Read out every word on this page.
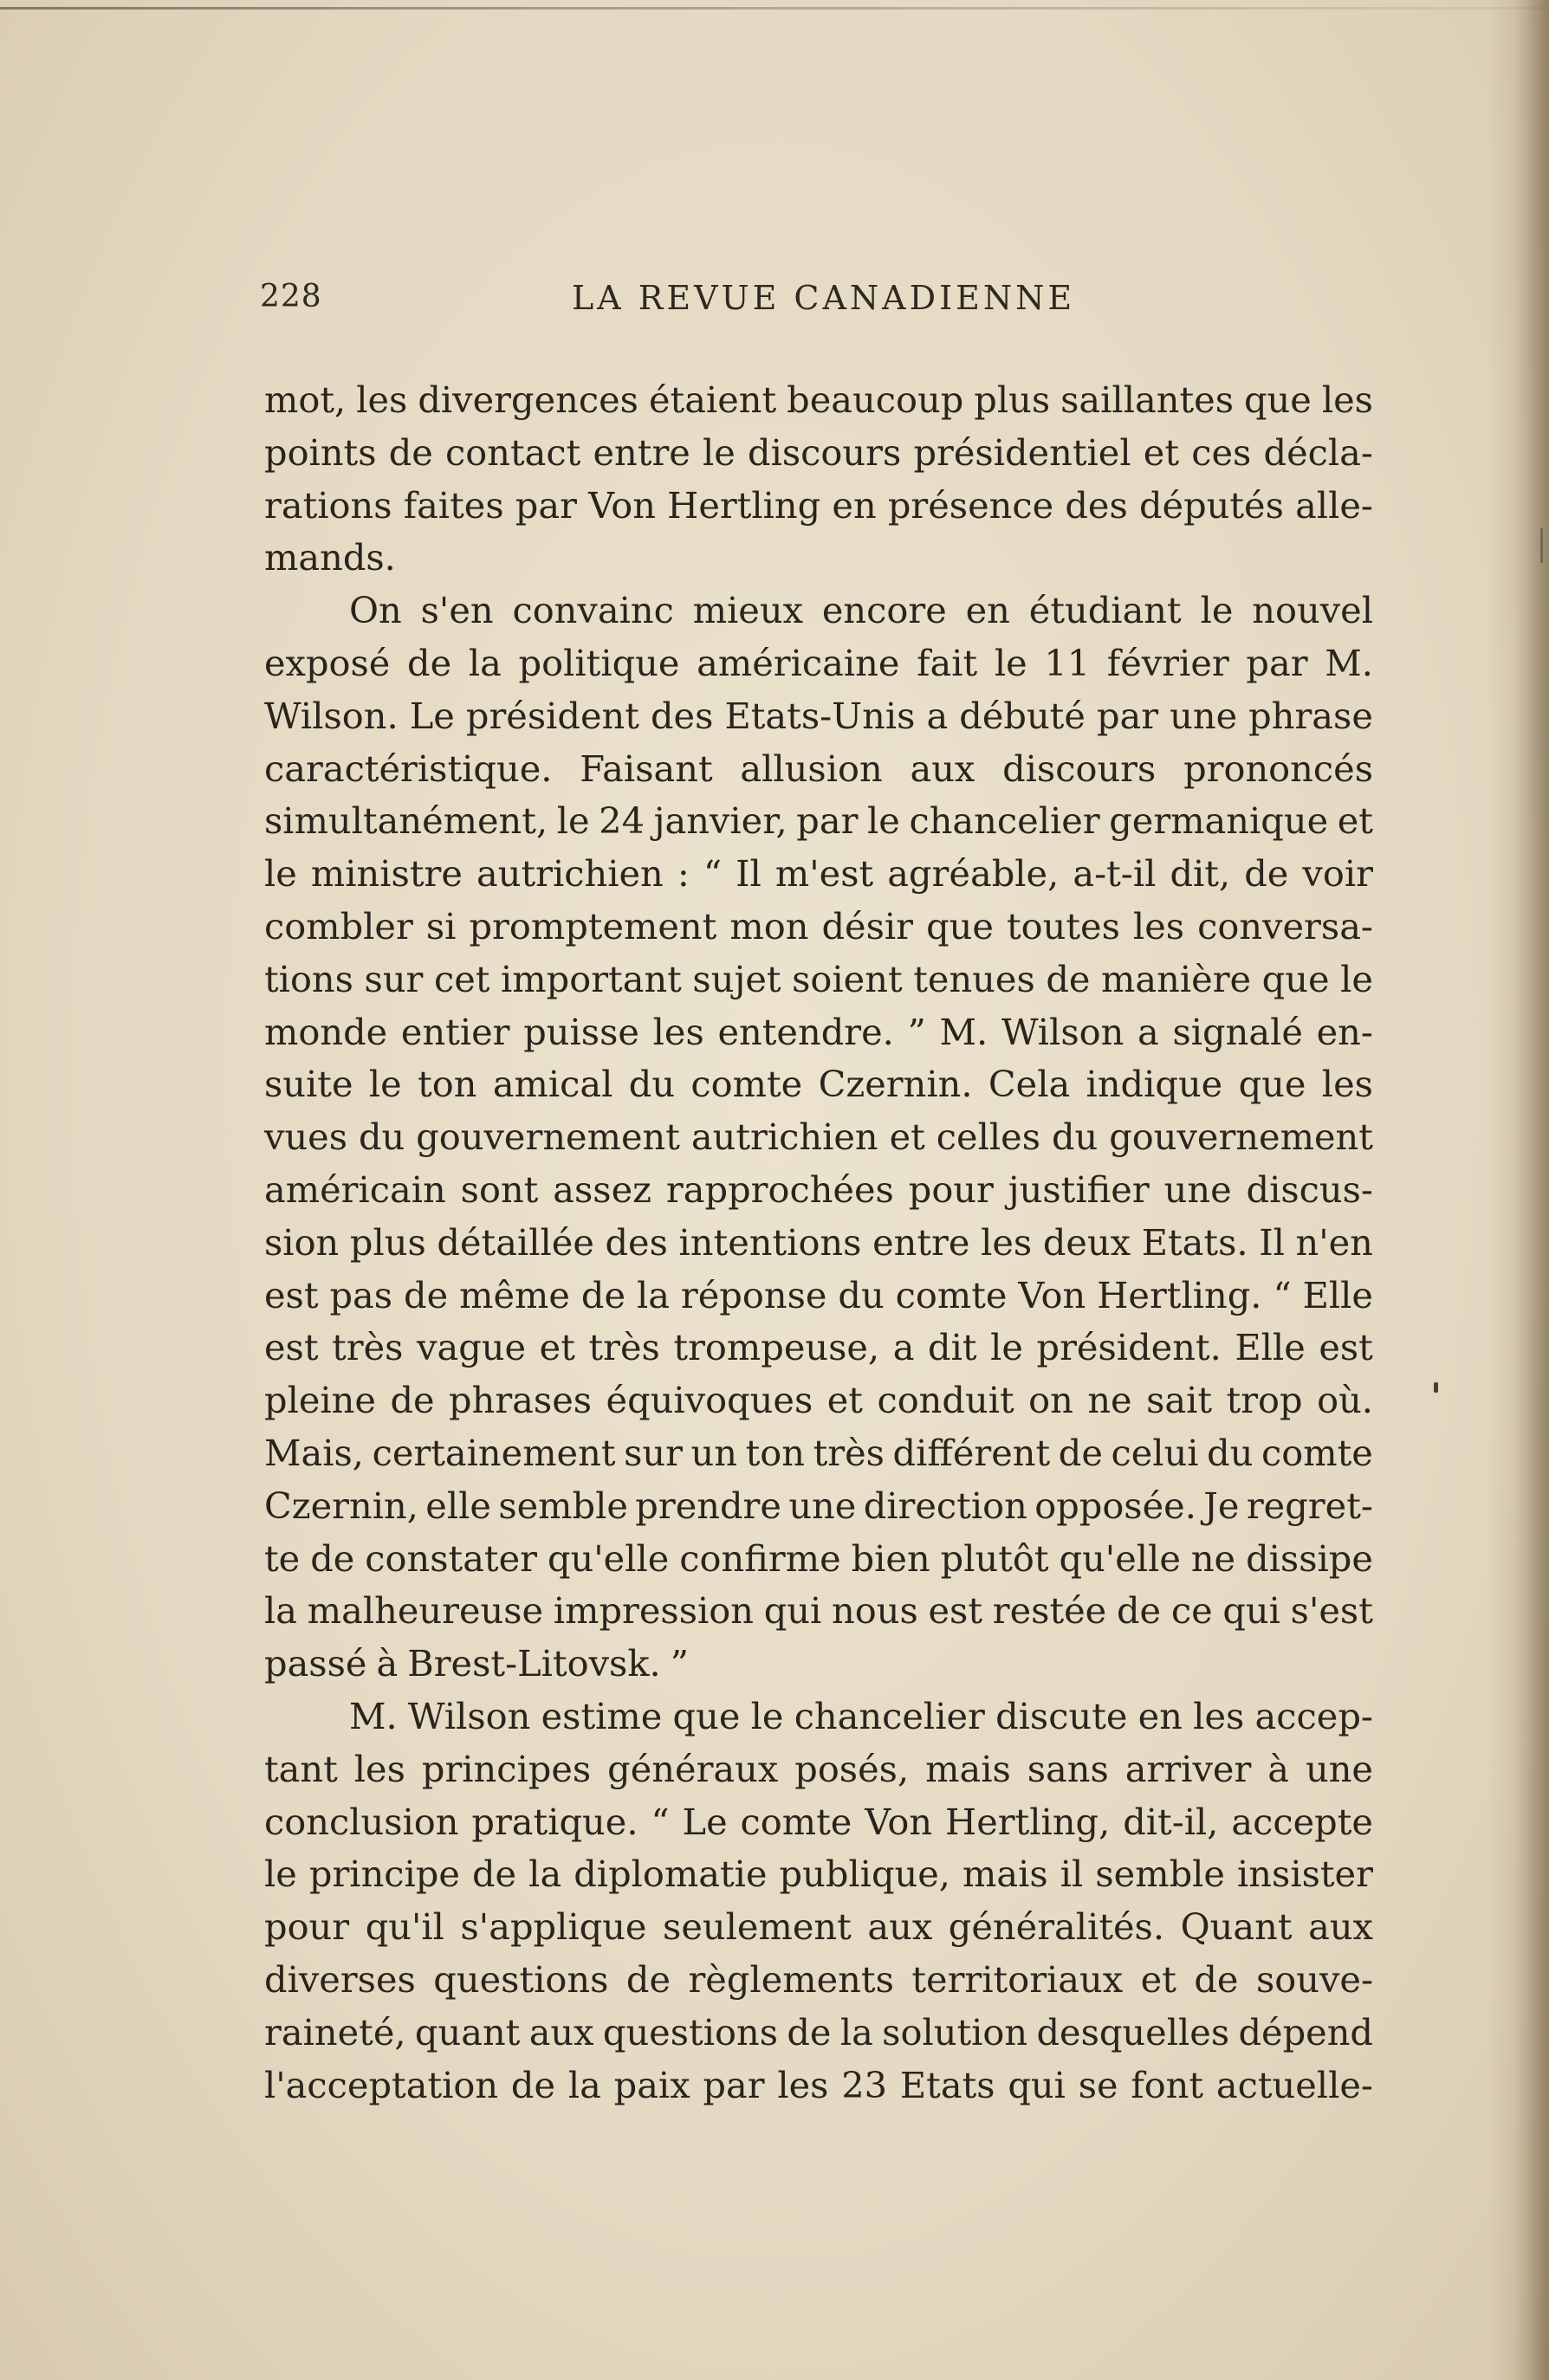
228	LA REVUE CANADIENNE
mot, les divergences étaient beaucoup plus saillantes que les
points de contact entre le discours présidentiel et ces décla-
rations faites par Von Hertling en présence des députés alle-
mands.
On s'en convainc mieux encore en étudiant le nouvel
exposé de la politique américaine fait le 11 février par M.
Wilson. Le président des Etats-Unis a débuté par une phrase
caractéristique. Faisant allusion aux discours prononcés
simultanément, le 24 janvier, par le chancelier germanique et
le ministre autrichien : “ Il m'est agréable, a-t-il dit, de voir
combler si promptement mon désir que toutes les conversa-
tions sur cet important sujet soient tenues de manière que le
monde entier puisse les entendre. ” M. Wilson a signalé en-
suite le ton amical du comte Czernin. Cela indique que les
vues du gouvernement autrichien et celles du gouvernement
américain sont assez rapprochées pour justifier une discus-
sion plus détaillée des intentions entre les deux Etats. Il n'en
est pas de même de la réponse du comte Von Hertling. “ Elle
est très vague et très trompeuse, a dit le président. Elle est
pleine de phrases équivoques et conduit on ne sait trop où.
Mais, certainement sur un ton très différent de celui du comte
Czernin, elle semble prendre une direction opposée. Je regret-
te de constater qu'elle confirme bien plutôt qu'elle ne dissipe
la malheureuse impression qui nous est restée de ce qui s'est
passé à Brest-Litovsk. ”
M. Wilson estime que le chancelier discute en les accep-
tant les principes généraux posés, mais sans arriver à une
conclusion pratique. “ Le comte Von Hertling, dit-il, accepte
le principe de la diplomatie publique, mais il semble insister
pour qu'il s'applique seulement aux généralités. Quant aux
diverses questions de règlements territoriaux et de souve-
raineté, quant aux questions de la solution desquelles dépend
l'acceptation de la paix par les 23 Etats qui se font actuelle-
